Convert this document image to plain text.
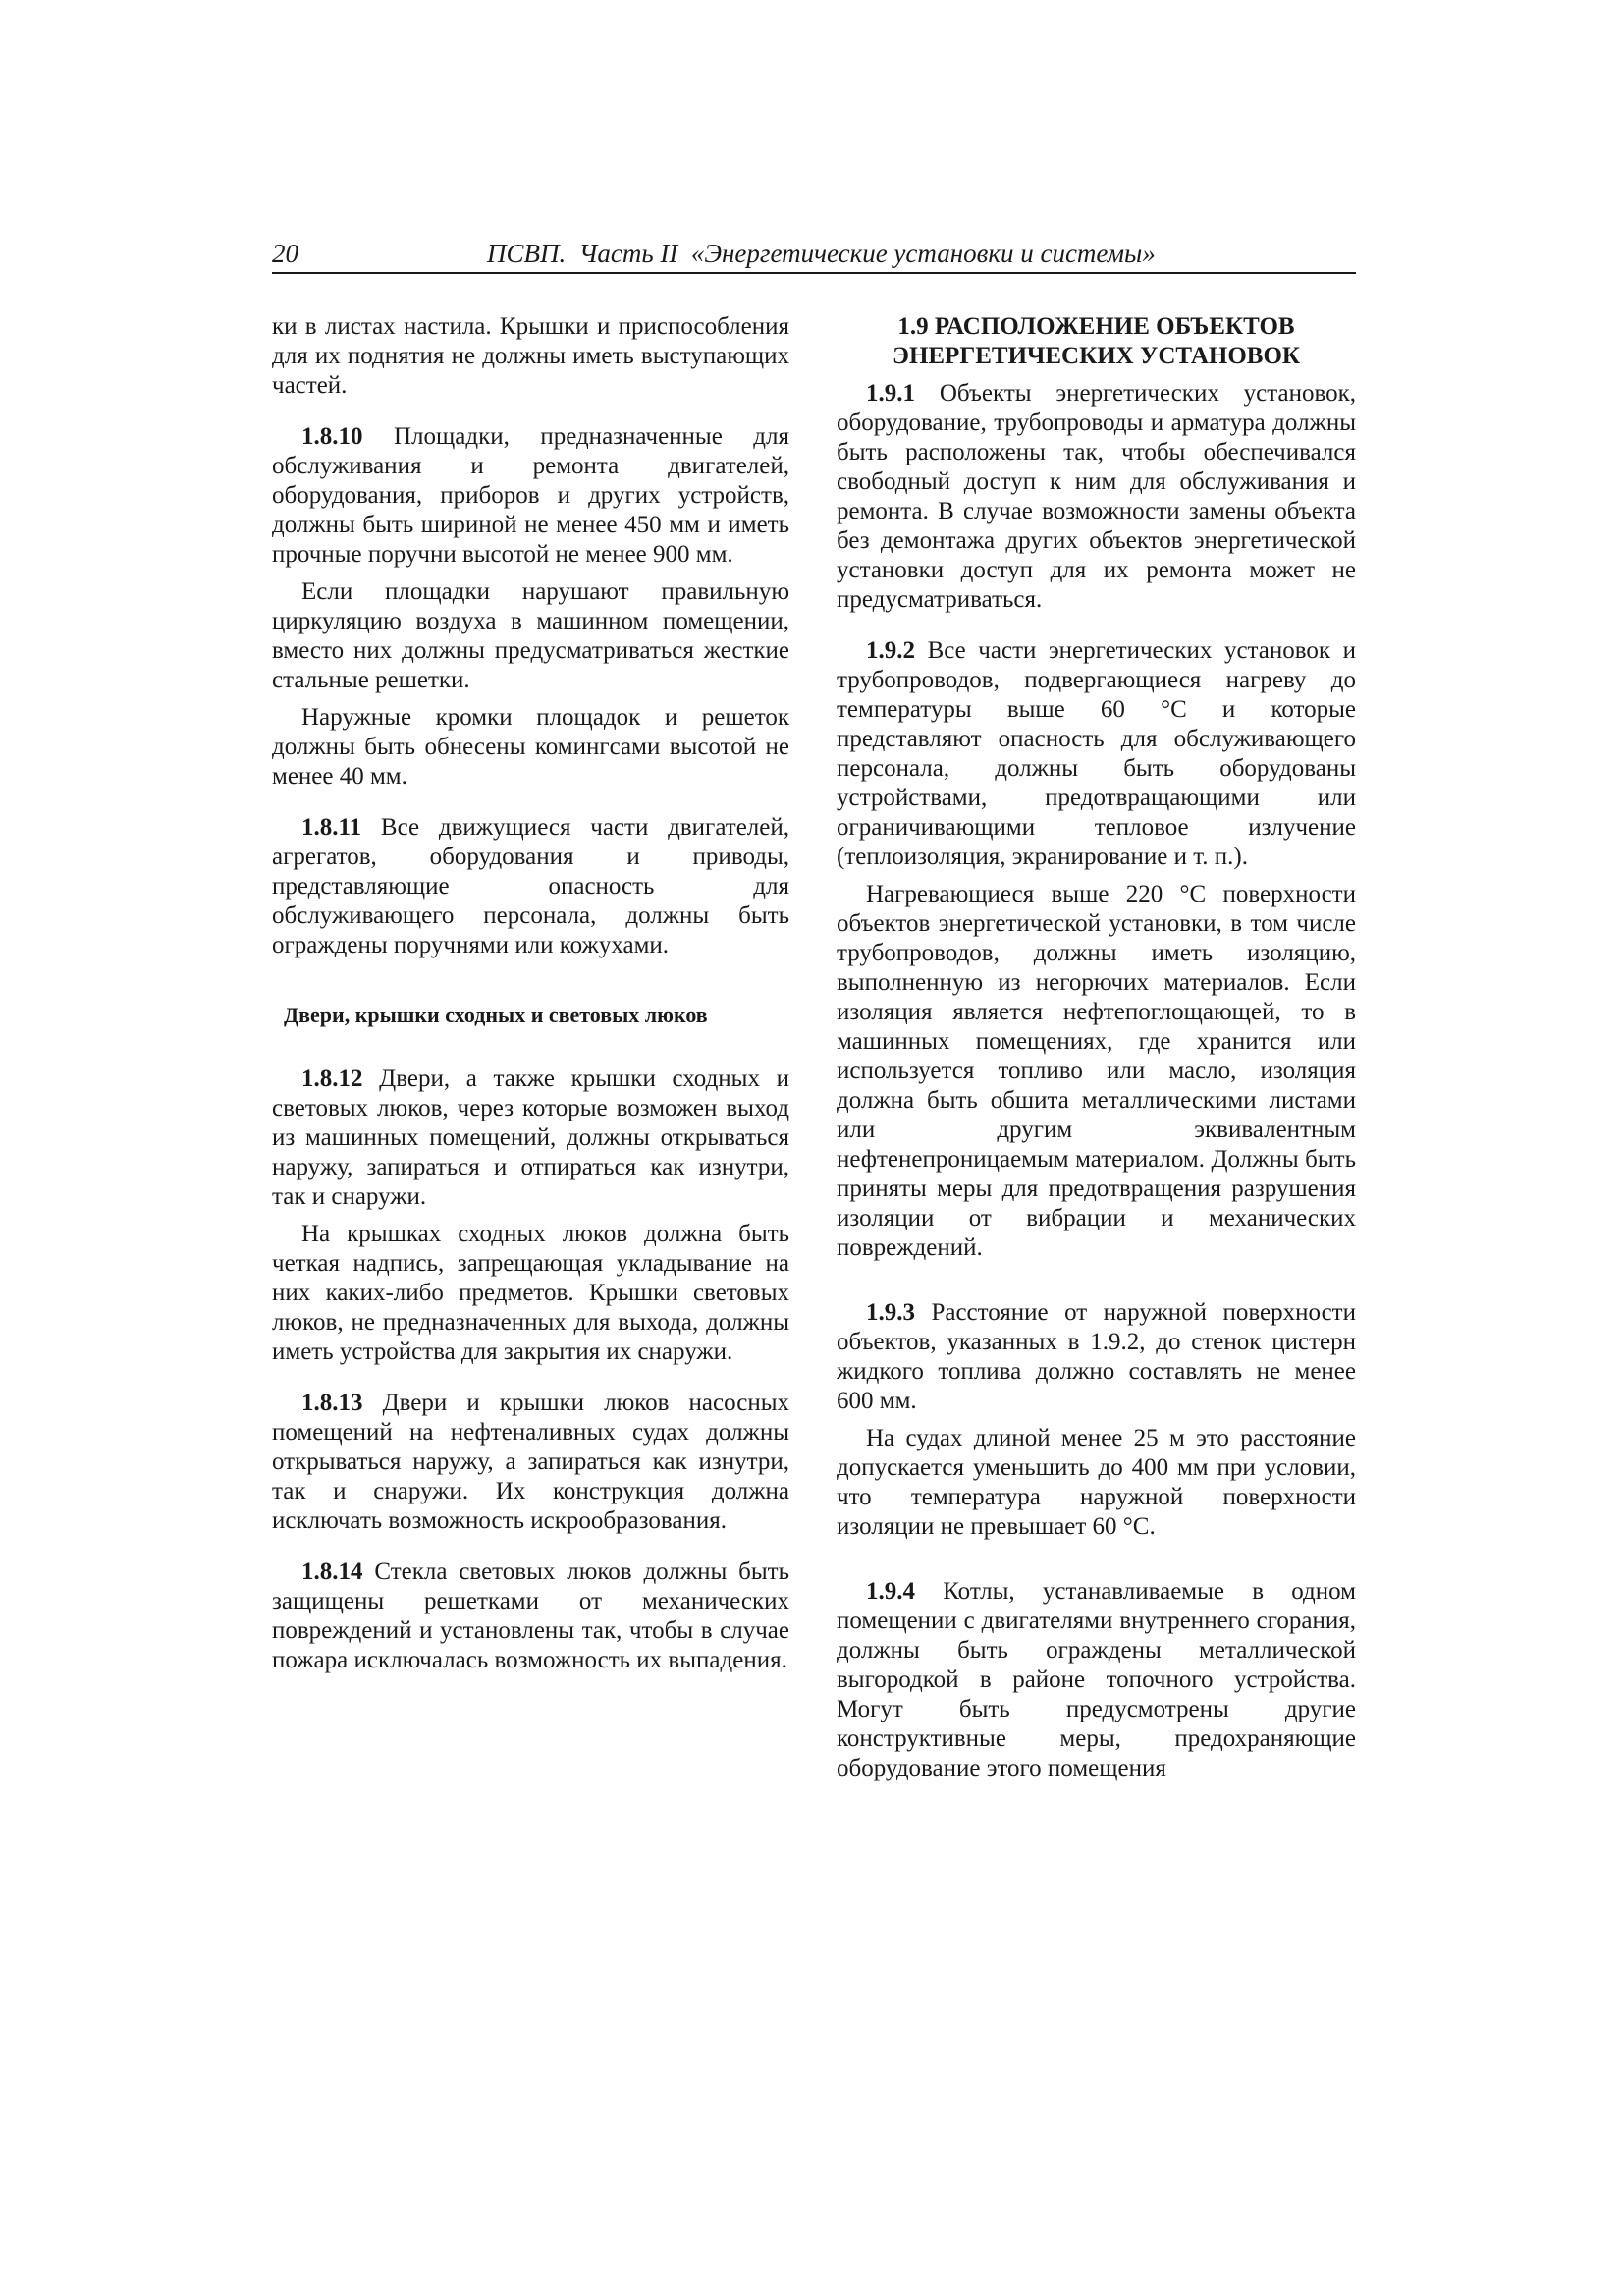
20	ПСВП.  Часть II  «Энергетические установки и системы»

ки в листах настила. Крышки и приспособления для их поднятия не должны иметь выступающих частей.

1.8.10 Площадки, предназначенные для обслуживания и ремонта двигателей, оборудования, приборов и других устройств, должны быть шириной не менее 450 мм и иметь прочные поручни высотой не менее 900 мм.

Если площадки нарушают правильную циркуляцию воздуха в машинном помещении, вместо них должны предусматриваться жесткие стальные решетки.

Наружные кромки площадок и решеток должны быть обнесены комингсами высотой не менее 40 мм.

1.8.11 Все движущиеся части двигателей, агрегатов, оборудования и приводы, представляющие опасность для обслуживающего персонала, должны быть ограждены поручнями или кожухами.

Двери, крышки сходных и световых люков

1.8.12 Двери, а также крышки сходных и световых люков, через которые возможен выход из машинных помещений, должны открываться наружу, запираться и отпираться как изнутри, так и снаружи.

На крышках сходных люков должна быть четкая надпись, запрещающая укладывание на них каких-либо предметов. Крышки световых люков, не предназначенных для выхода, должны иметь устройства для закрытия их снаружи.

1.8.13 Двери и крышки люков насосных помещений на нефтеналивных судах должны открываться наружу, а запираться как изнутри, так и снаружи. Их конструкция должна исключать возможность искрообразования.

1.8.14 Стекла световых люков должны быть защищены решетками от механических повреждений и установлены так, чтобы в случае пожара исключалась возможность их выпадения.

1.9 РАСПОЛОЖЕНИЕ ОБЪЕКТОВ
ЭНЕРГЕТИЧЕСКИХ УСТАНОВОК

1.9.1 Объекты энергетических установок, оборудование, трубопроводы и арматура должны быть расположены так, чтобы обеспечивался свободный доступ к ним для обслуживания и ремонта. В случае возможности замены объекта без демонтажа других объектов энергетической установки доступ для их ремонта может не предусматриваться.

1.9.2 Все части энергетических установок и трубопроводов, подвергающиеся нагреву до температуры выше 60 °С и которые представляют опасность для обслуживающего персонала, должны быть оборудованы устройствами, предотвращающими или ограничивающими тепловое излучение (теплоизоляция, экранирование и т. п.).

Нагревающиеся выше 220 °С поверхности объектов энергетической установки, в том числе трубопроводов, должны иметь изоляцию, выполненную из негорючих материалов. Если изоляция является нефтепоглощающей, то в машинных помещениях, где хранится или используется топливо или масло, изоляция должна быть обшита металлическими листами или другим эквивалентным нефтенепроницаемым материалом. Должны быть приняты меры для предотвращения разрушения изоляции от вибрации и механических повреждений.

1.9.3 Расстояние от наружной поверхности объектов, указанных в 1.9.2, до стенок цистерн жидкого топлива должно составлять не менее 600 мм.

На судах длиной менее 25 м это расстояние допускается уменьшить до 400 мм при условии, что температура наружной поверхности изоляции не превышает 60 °С.

1.9.4 Котлы, устанавливаемые в одном помещении с двигателями внутреннего сгорания, должны быть ограждены металлической выгородкой в районе топочного устройства. Могут быть предусмотрены другие конструктивные меры, предохраняющие оборудование этого помещения
